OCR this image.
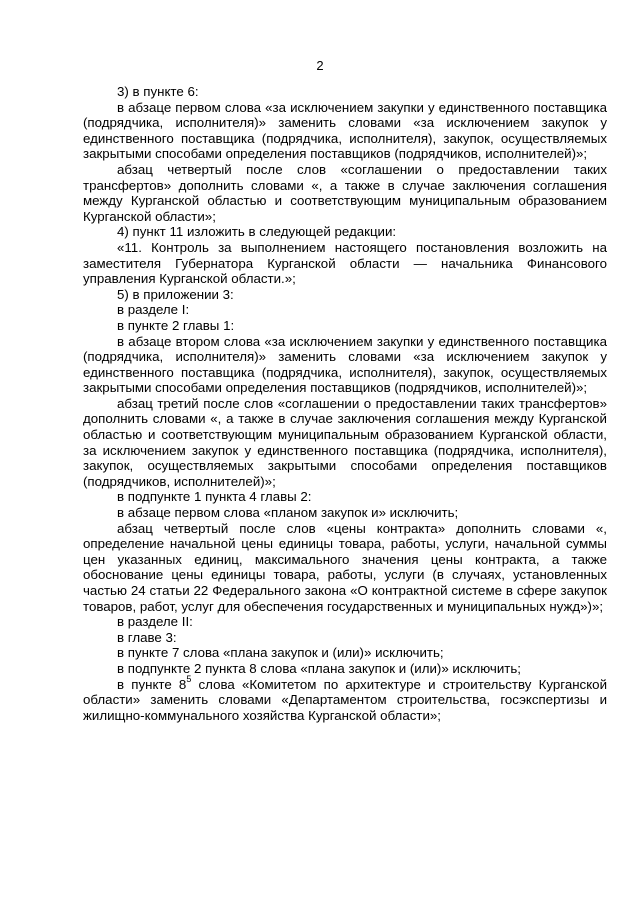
2

3) в пункте 6:

в абзаце первом слова «за исключением закупки у единственного поставщика (подрядчика, исполнителя)» заменить словами «за исключением закупок у единственного поставщика (подрядчика, исполнителя), закупок, осуществляемых закрытыми способами определения поставщиков (подрядчиков, исполнителей)»;

абзац четвертый после слов «соглашении о предоставлении таких трансфертов» дополнить словами «, а также в случае заключения соглашения между Курганской областью и соответствующим муниципальным образованием Курганской области»;

4) пункт 11 изложить в следующей редакции:

«11. Контроль за выполнением настоящего постановления возложить на заместителя Губернатора Курганской области — начальника Финансового управления Курганской области.»;

5) в приложении 3:

в разделе I:

в пункте 2 главы 1:

в абзаце втором слова «за исключением закупки у единственного поставщика (подрядчика, исполнителя)» заменить словами «за исключением закупок у единственного поставщика (подрядчика, исполнителя), закупок, осуществляемых закрытыми способами определения поставщиков (подрядчиков, исполнителей)»;

абзац третий после слов «соглашении о предоставлении таких трансфертов» дополнить словами «, а также в случае заключения соглашения между Курганской областью и соответствующим муниципальным образованием Курганской области, за исключением закупок у единственного поставщика (подрядчика, исполнителя), закупок, осуществляемых закрытыми способами определения поставщиков (подрядчиков, исполнителей)»;

в подпункте 1 пункта 4 главы 2:

в абзаце первом слова «планом закупок и» исключить;

абзац четвертый после слов «цены контракта» дополнить словами «, определение начальной цены единицы товара, работы, услуги, начальной суммы цен указанных единиц, максимального значения цены контракта, а также обоснование цены единицы товара, работы, услуги (в случаях, установленных частью 24 статьи 22 Федерального закона «О контрактной системе в сфере закупок товаров, работ, услуг для обеспечения государственных и муниципальных нужд»)»;

в разделе II:

в главе 3:

в пункте 7 слова «плана закупок и (или)» исключить;

в подпункте 2 пункта 8 слова «плана закупок и (или)» исключить;

в пункте $8^5$ слова «Комитетом по архитектуре и строительству Курганской области» заменить словами «Департаментом строительства, госэкспертизы и жилищно-коммунального хозяйства Курганской области»;
